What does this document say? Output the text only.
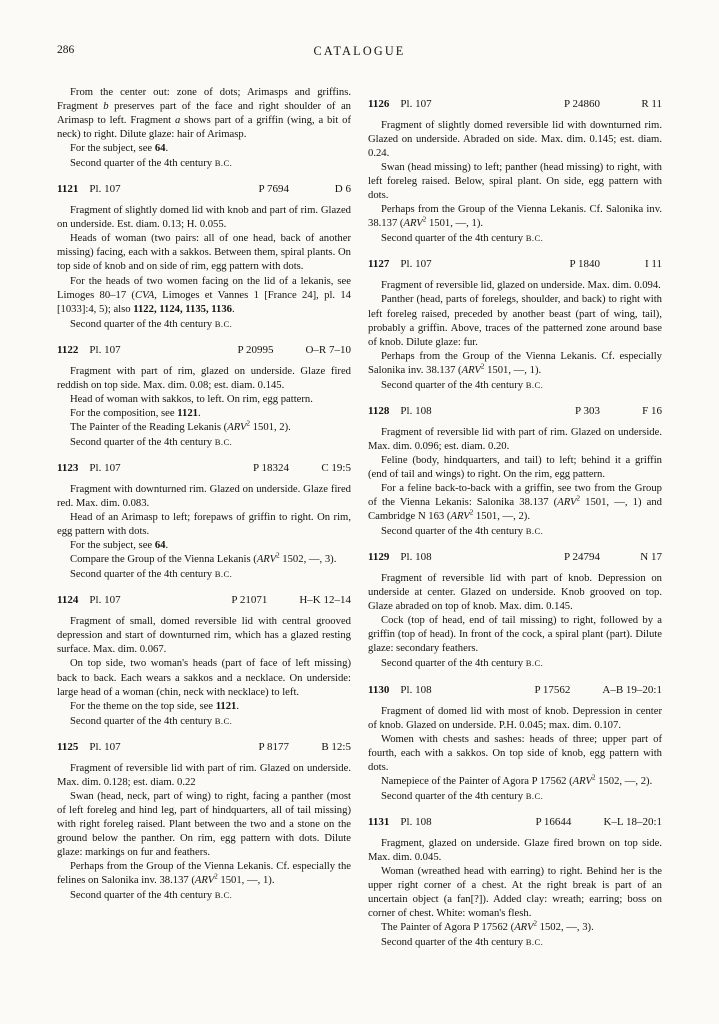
286	CATALOGUE

From the center out: zone of dots; Arimasps and griffins. Fragment b preserves part of the face and right shoulder of an Arimasp to left. Fragment a shows part of a griffin (wing, a bit of neck) to right. Dilute glaze: hair of Arimasp.

For the subject, see 64.

Second quarter of the 4th century B.C.

1121 Pl. 107	P 7694	D 6

Fragment of slightly domed lid with knob and part of rim. Glazed on underside. Est. diam. 0.13; H. 0.055.

Heads of woman (two pairs: all of one head, back of another missing) facing, each with a sakkos. Between them, spiral plants. On top side of knob and on side of rim, egg pattern with dots.

For the heads of two women facing on the lid of a lekanis, see Limoges 80–17 (CVA, Limoges et Vannes 1 [France 24], pl. 14 [1033]:4, 5); also 1122, 1124, 1135, 1136.

Second quarter of the 4th century B.C.

1122 Pl. 107	P 20995	O–R 7–10

Fragment with part of rim, glazed on underside. Glaze fired reddish on top side. Max. dim. 0.08; est. diam. 0.145.

Head of woman with sakkos, to left. On rim, egg pattern.

For the composition, see 1121.

The Painter of the Reading Lekanis (ARV$^2$ 1501, 2).

Second quarter of the 4th century B.C.

1123 Pl. 107	P 18324	C 19:5

Fragment with downturned rim. Glazed on underside. Glaze fired red. Max. dim. 0.083.

Head of an Arimasp to left; forepaws of griffin to right. On rim, egg pattern with dots.

For the subject, see 64.

Compare the Group of the Vienna Lekanis (ARV$^2$ 1502, —, 3).

Second quarter of the 4th century B.C.

1124 Pl. 107	P 21071	H–K 12–14

Fragment of small, domed reversible lid with central grooved depression and start of downturned rim, which has a glazed resting surface. Max. dim. 0.067.

On top side, two woman's heads (part of face of left missing) back to back. Each wears a sakkos and a necklace. On underside: large head of a woman (chin, neck with necklace) to left.

For the theme on the top side, see 1121.

Second quarter of the 4th century B.C.

1125 Pl. 107	P 8177	B 12:5

Fragment of reversible lid with part of rim. Glazed on underside. Max. dim. 0.128; est. diam. 0.22

Swan (head, neck, part of wing) to right, facing a panther (most of left foreleg and hind leg, part of hindquarters, all of tail missing) with right foreleg raised. Plant between the two and a stone on the ground below the panther. On rim, egg pattern with dots. Dilute glaze: markings on fur and feathers.

Perhaps from the Group of the Vienna Lekanis. Cf. especially the felines on Salonika inv. 38.137 (ARV$^2$ 1501, —, 1).

Second quarter of the 4th century B.C.

1126 Pl. 107	P 24860	R 11

Fragment of slightly domed reversible lid with downturned rim. Glazed on underside. Abraded on side. Max. dim. 0.145; est. diam. 0.24.

Swan (head missing) to left; panther (head missing) to right, with left foreleg raised. Below, spiral plant. On side, egg pattern with dots.

Perhaps from the Group of the Vienna Lekanis. Cf. Salonika inv. 38.137 (ARV$^2$ 1501, —, 1).

Second quarter of the 4th century B.C.

1127 Pl. 107	P 1840	I 11

Fragment of reversible lid, glazed on underside. Max. dim. 0.094.

Panther (head, parts of forelegs, shoulder, and back) to right with left foreleg raised, preceded by another beast (part of wing, tail), probably a griffin. Above, traces of the patterned zone around base of knob. Dilute glaze: fur.

Perhaps from the Group of the Vienna Lekanis. Cf. especially Salonika inv. 38.137 (ARV$^2$ 1501, —, 1).

Second quarter of the 4th century B.C.

1128 Pl. 108	P 303	F 16

Fragment of reversible lid with part of rim. Glazed on underside. Max. dim. 0.096; est. diam. 0.20.

Feline (body, hindquarters, and tail) to left; behind it a griffin (end of tail and wings) to right. On the rim, egg pattern.

For a feline back-to-back with a griffin, see two from the Group of the Vienna Lekanis: Salonika 38.137 (ARV$^2$ 1501, —, 1) and Cambridge N 163 (ARV$^2$ 1501, —, 2).

Second quarter of the 4th century B.C.

1129 Pl. 108	P 24794	N 17

Fragment of reversible lid with part of knob. Depression on underside at center. Glazed on underside. Knob grooved on top. Glaze abraded on top of knob. Max. dim. 0.145.

Cock (top of head, end of tail missing) to right, followed by a griffin (top of head). In front of the cock, a spiral plant (part). Dilute glaze: secondary feathers.

Second quarter of the 4th century B.C.

1130 Pl. 108	P 17562	A–B 19–20:1

Fragment of domed lid with most of knob. Depression in center of knob. Glazed on underside. P.H. 0.045; max. dim. 0.107.

Women with chests and sashes: heads of three; upper part of fourth, each with a sakkos. On top side of knob, egg pattern with dots.

Namepiece of the Painter of Agora P 17562 (ARV$^2$ 1502, —, 2).

Second quarter of the 4th century B.C.

1131 Pl. 108	P 16644	K–L 18–20:1

Fragment, glazed on underside. Glaze fired brown on top side. Max. dim. 0.045.

Woman (wreathed head with earring) to right. Behind her is the upper right corner of a chest. At the right break is part of an uncertain object (a fan[?]). Added clay: wreath; earring; boss on corner of chest. White: woman's flesh.

The Painter of Agora P 17562 (ARV$^2$ 1502, —, 3).

Second quarter of the 4th century B.C.
